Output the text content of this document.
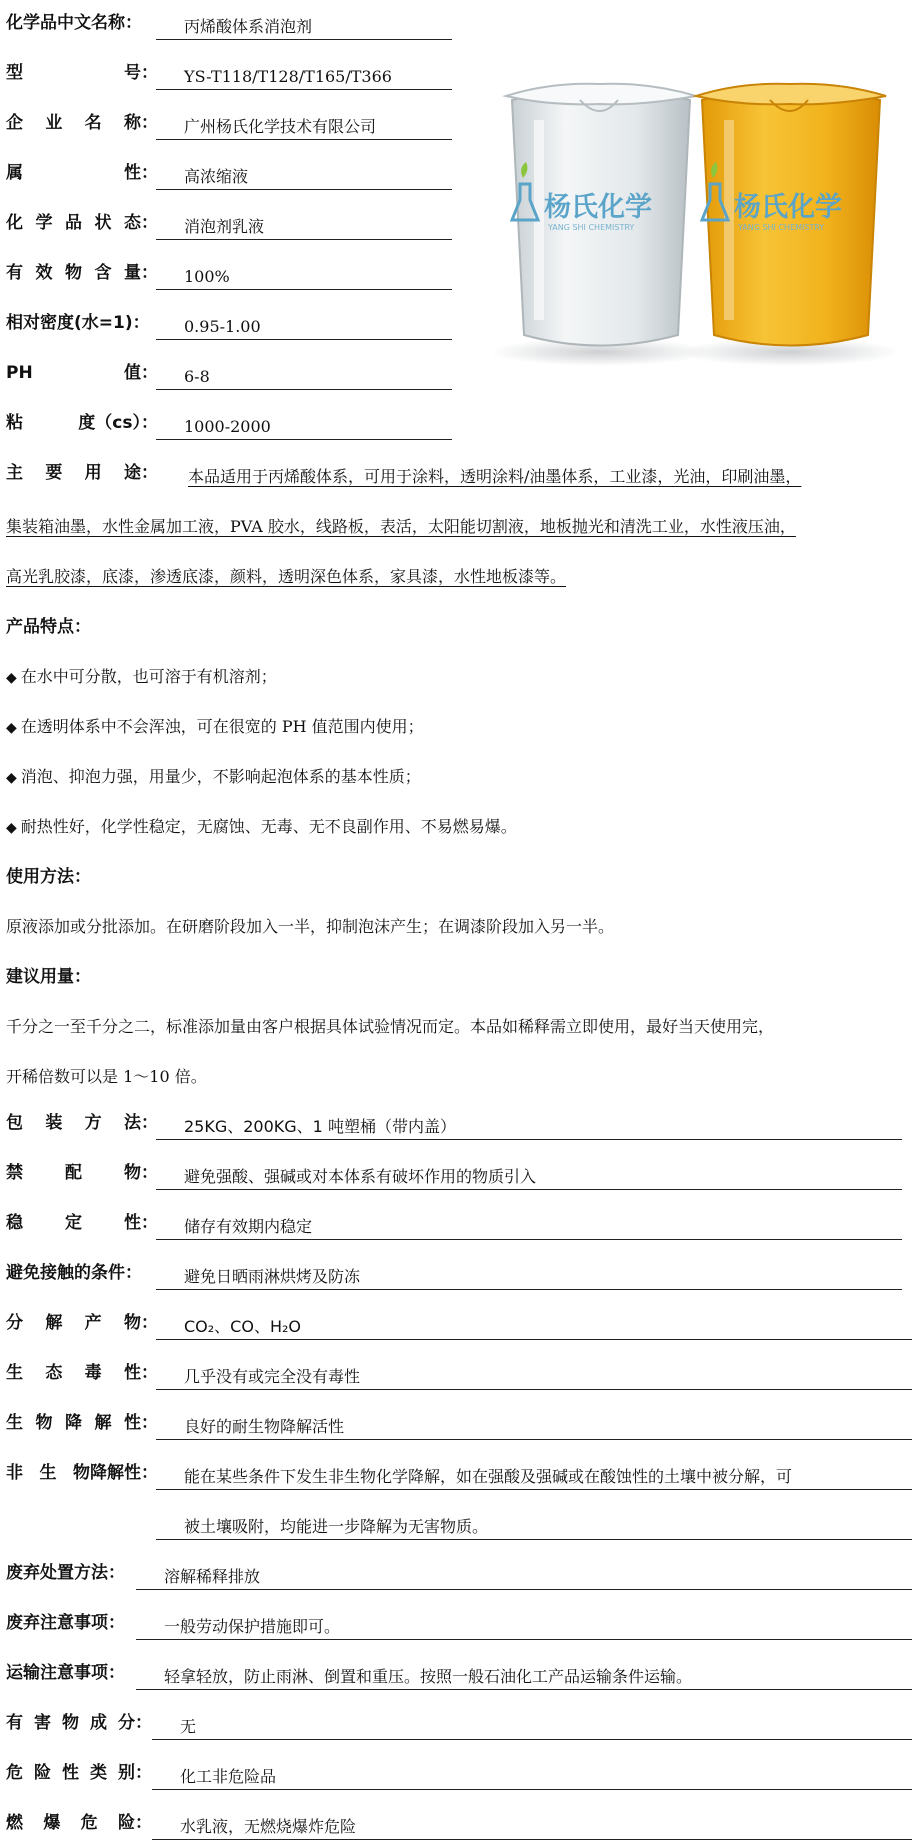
化学品中文名称：	丙烯酸体系消泡剂
型	号：	YS-T118/T128/T165/T366
企 业 名 称：	广州杨氏化学技术有限公司
属	性：	高浓缩液
化 学 品 状 态：	消泡剂乳液
有 效 物 含 量：	100%
相对密度(水=1)：	0.95-1.00
PH	值：	6-8
粘	度（cs）：	1000-2000
杨氏化学
YANG SHI CHEMISTRY
杨氏化学
YANG SHI CHEMISTRY
主 要 用 途：	本品适用于丙烯酸体系，可用于涂料，透明涂料/油墨体系，工业漆，光油，印刷油墨，
集装箱油墨，水性金属加工液，PVA 胶水，线路板，表活，太阳能切割液，地板抛光和清洗工业，水性液压油，
高光乳胶漆，底漆，渗透底漆，颜料，透明深色体系，家具漆，水性地板漆等。
产品特点：
◆ 在水中可分散，也可溶于有机溶剂；
◆ 在透明体系中不会浑浊，可在很宽的 PH 值范围内使用；
◆ 消泡、抑泡力强，用量少，不影响起泡体系的基本性质；
◆ 耐热性好，化学性稳定，无腐蚀、无毒、无不良副作用、不易燃易爆。
使用方法：
原液添加或分批添加。在研磨阶段加入一半，抑制泡沫产生；在调漆阶段加入另一半。
建议用量：
千分之一至千分之二，标准添加量由客户根据具体试验情况而定。本品如稀释需立即使用，最好当天使用完，
开稀倍数可以是 1～10 倍。
包 装 方 法：	25KG、200KG、1 吨塑桶（带内盖）
禁 配 物：	避免强酸、强碱或对本体系有破坏作用的物质引入
稳 定 性：	储存有效期内稳定
避免接触的条件：	避免日晒雨淋烘烤及防冻
分 解 产 物：	CO₂、CO、H₂O
生 态 毒 性：	几乎没有或完全没有毒性
生 物 降 解 性：	良好的耐生物降解活性
非 生 物降解性：	能在某些条件下发生非生物化学降解，如在强酸及强碱或在酸蚀性的土壤中被分解，可
被土壤吸附，均能进一步降解为无害物质。
废弃处置方法：	溶解稀释排放
废弃注意事项：	一般劳动保护措施即可。
运输注意事项：	轻拿轻放，防止雨淋、倒置和重压。按照一般石油化工产品运输条件运输。
有 害 物 成 分：	无
危 险 性 类 别：	化工非危险品
燃 爆 危 险：	水乳液，无燃烧爆炸危险
